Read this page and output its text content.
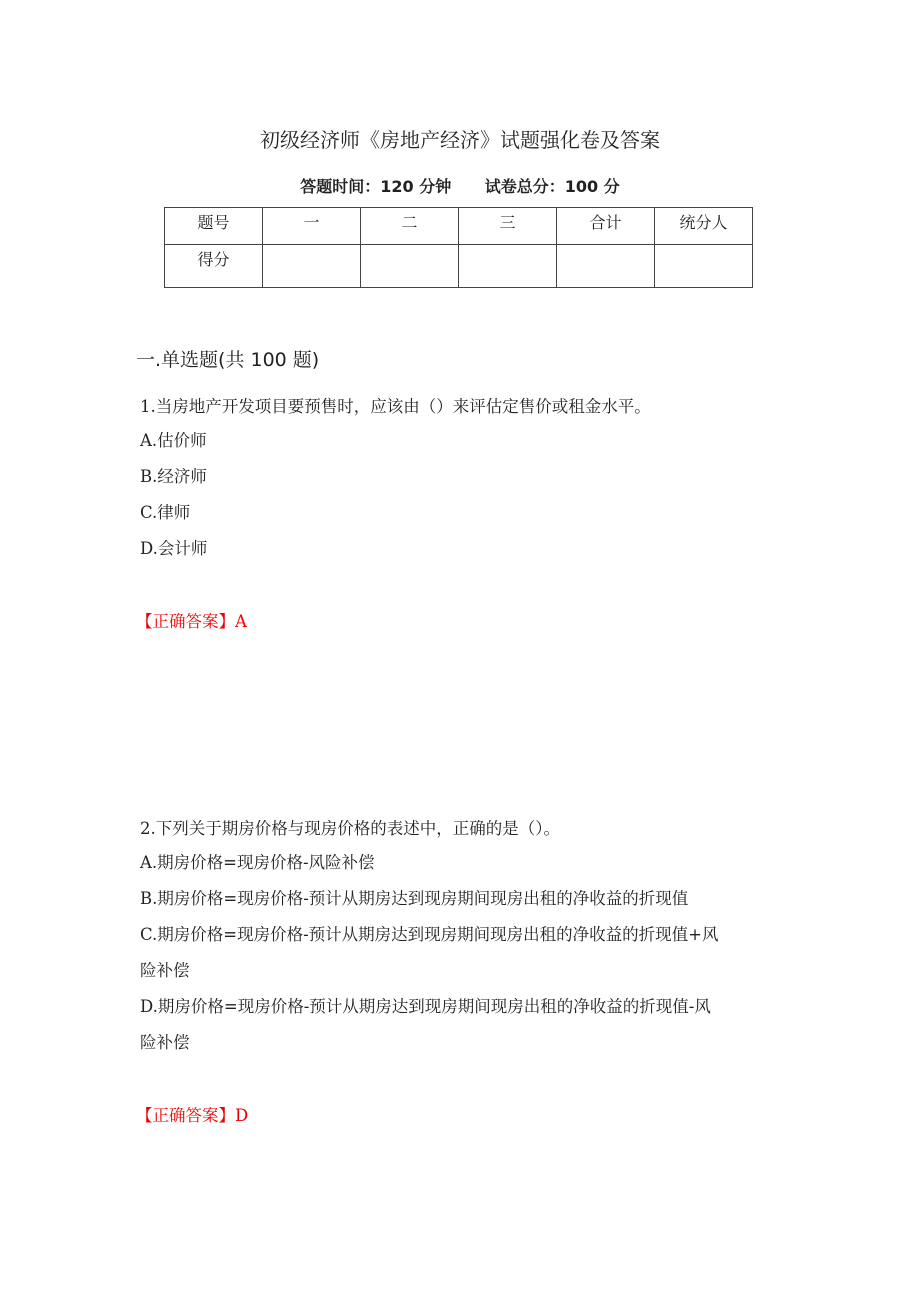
初级经济师《房地产经济》试题强化卷及答案
答题时间：120 分钟 试卷总分：100 分
题号	一	二	三	合计	统分人
得分					
一.单选题(共 100 题)
1.当房地产开发项目要预售时，应该由（）来评估定售价或租金水平。
A.估价师
B.经济师
C.律师
D.会计师
【正确答案】A
2.下列关于期房价格与现房价格的表述中，正确的是（）。
A.期房价格=现房价格-风险补偿
B.期房价格=现房价格-预计从期房达到现房期间现房出租的净收益的折现值
C.期房价格=现房价格-预计从期房达到现房期间现房出租的净收益的折现值+风
险补偿
D.期房价格=现房价格-预计从期房达到现房期间现房出租的净收益的折现值-风
险补偿
【正确答案】D
